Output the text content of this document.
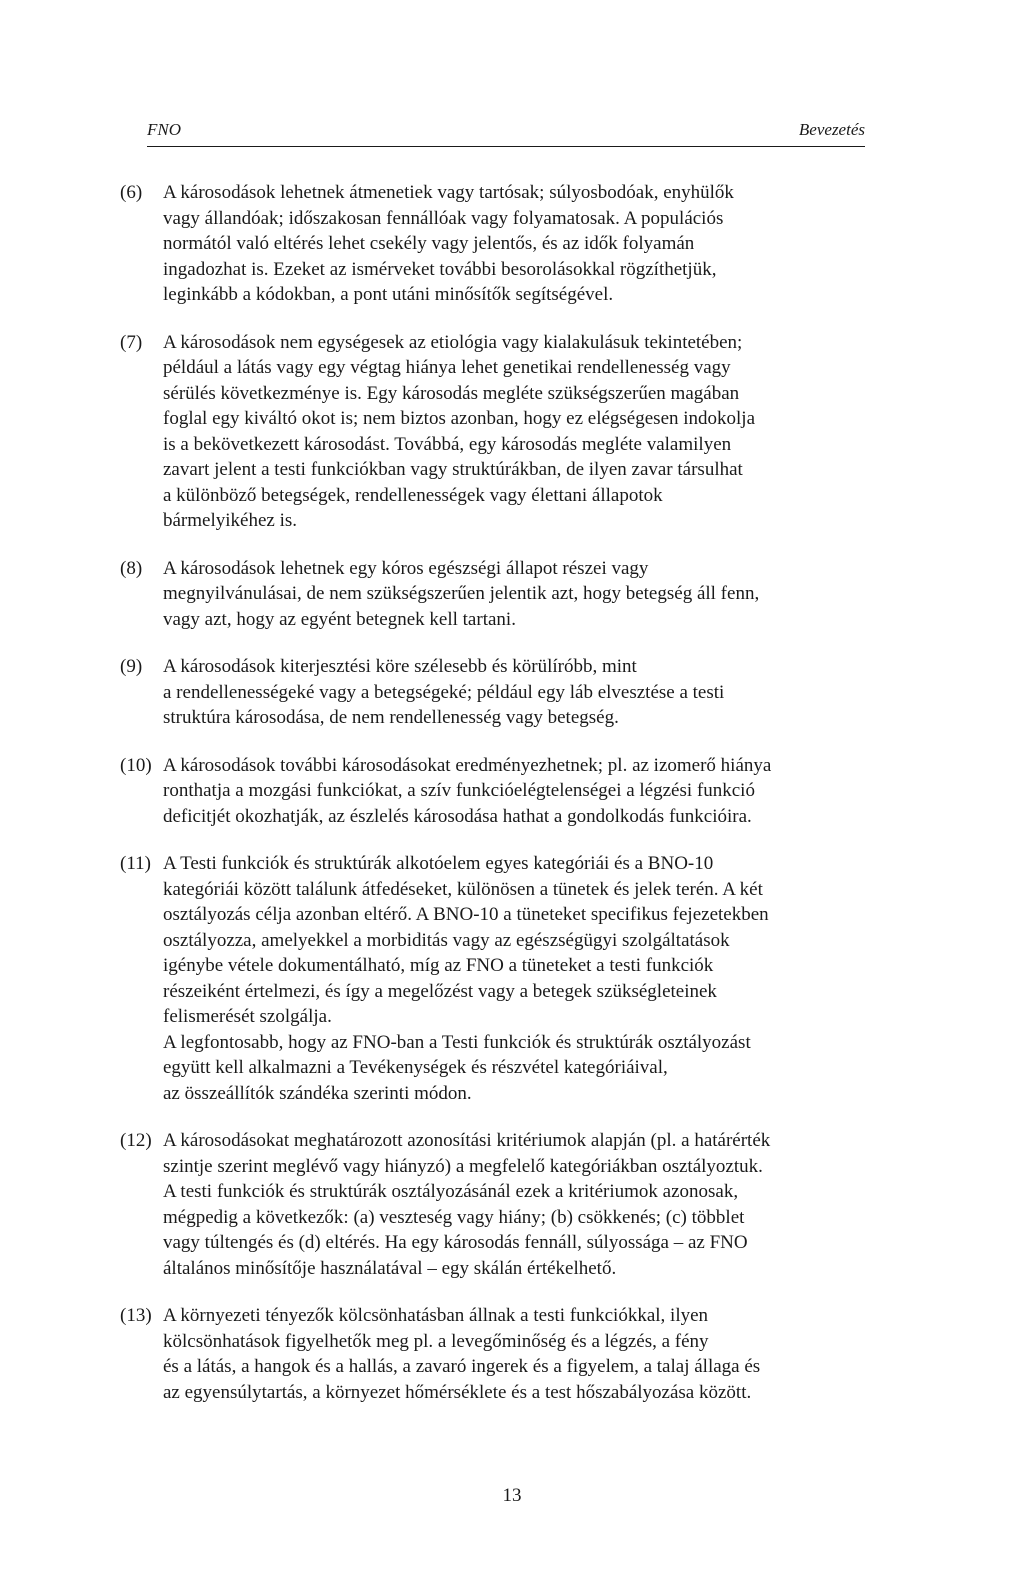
FNO	Bevezetés
(6)	A károsodások lehetnek átmenetiek vagy tartósak; súlyosbodóak, enyhülők
vagy állandóak; időszakosan fennállóak vagy folyamatosak. A populációs
normától való eltérés lehet csekély vagy jelentős, és az idők folyamán
ingadozhat is. Ezeket az ismérveket további besorolásokkal rögzíthetjük,
leginkább a kódokban, a pont utáni minősítők segítségével.
(7)	A károsodások nem egységesek az etiológia vagy kialakulásuk tekintetében;
például a látás vagy egy végtag hiánya lehet genetikai rendellenesség vagy
sérülés következménye is. Egy károsodás megléte szükségszerűen magában
foglal egy kiváltó okot is; nem biztos azonban, hogy ez elégségesen indokolja
is a bekövetkezett károsodást. Továbbá, egy károsodás megléte valamilyen
zavart jelent a testi funkciókban vagy struktúrákban, de ilyen zavar társulhat
a különböző betegségek, rendellenességek vagy élettani állapotok
bármelyikéhez is.
(8)	A károsodások lehetnek egy kóros egészségi állapot részei vagy
megnyilvánulásai, de nem szükségszerűen jelentik azt, hogy betegség áll fenn,
vagy azt, hogy az egyént betegnek kell tartani.
(9)	A károsodások kiterjesztési köre szélesebb és körülíróbb, mint
a rendellenességeké vagy a betegségeké; például egy láb elvesztése a testi
struktúra károsodása, de nem rendellenesség vagy betegség.
(10) A károsodások további károsodásokat eredményezhetnek; pl. az izomerő hiánya
ronthatja a mozgási funkciókat, a szív funkcióelégtelenségei a légzési funkció
deficitjét okozhatják, az észlelés károsodása hathat a gondolkodás funkcióira.
(11) A Testi funkciók és struktúrák alkotóelem egyes kategóriái és a BNO-10
kategóriái között találunk átfedéseket, különösen a tünetek és jelek terén. A két
osztályozás célja azonban eltérő. A BNO-10 a tüneteket specifikus fejezetekben
osztályozza, amelyekkel a morbiditás vagy az egészségügyi szolgáltatások
igénybe vétele dokumentálható, míg az FNO a tüneteket a testi funkciók
részeiként értelmezi, és így a megelőzést vagy a betegek szükségleteinek
felismerését szolgálja.
A legfontosabb, hogy az FNO-ban a Testi funkciók és struktúrák osztályozást
együtt kell alkalmazni a Tevékenységek és részvétel kategóriáival,
az összeállítók szándéka szerinti módon.
(12) A károsodásokat meghatározott azonosítási kritériumok alapján (pl. a határérték
szintje szerint meglévő vagy hiányzó) a megfelelő kategóriákban osztályoztuk.
A testi funkciók és struktúrák osztályozásánál ezek a kritériumok azonosak,
mégpedig a következők: (a) veszteség vagy hiány; (b) csökkenés; (c) többlet
vagy túltengés és (d) eltérés. Ha egy károsodás fennáll, súlyossága – az FNO
általános minősítője használatával – egy skálán értékelhető.
(13) A környezeti tényezők kölcsönhatásban állnak a testi funkciókkal, ilyen
kölcsönhatások figyelhetők meg pl. a levegőminőség és a légzés, a fény
és a látás, a hangok és a hallás, a zavaró ingerek és a figyelem, a talaj állaga és
az egyensúlytartás, a környezet hőmérséklete és a test hőszabályozása között.
13
